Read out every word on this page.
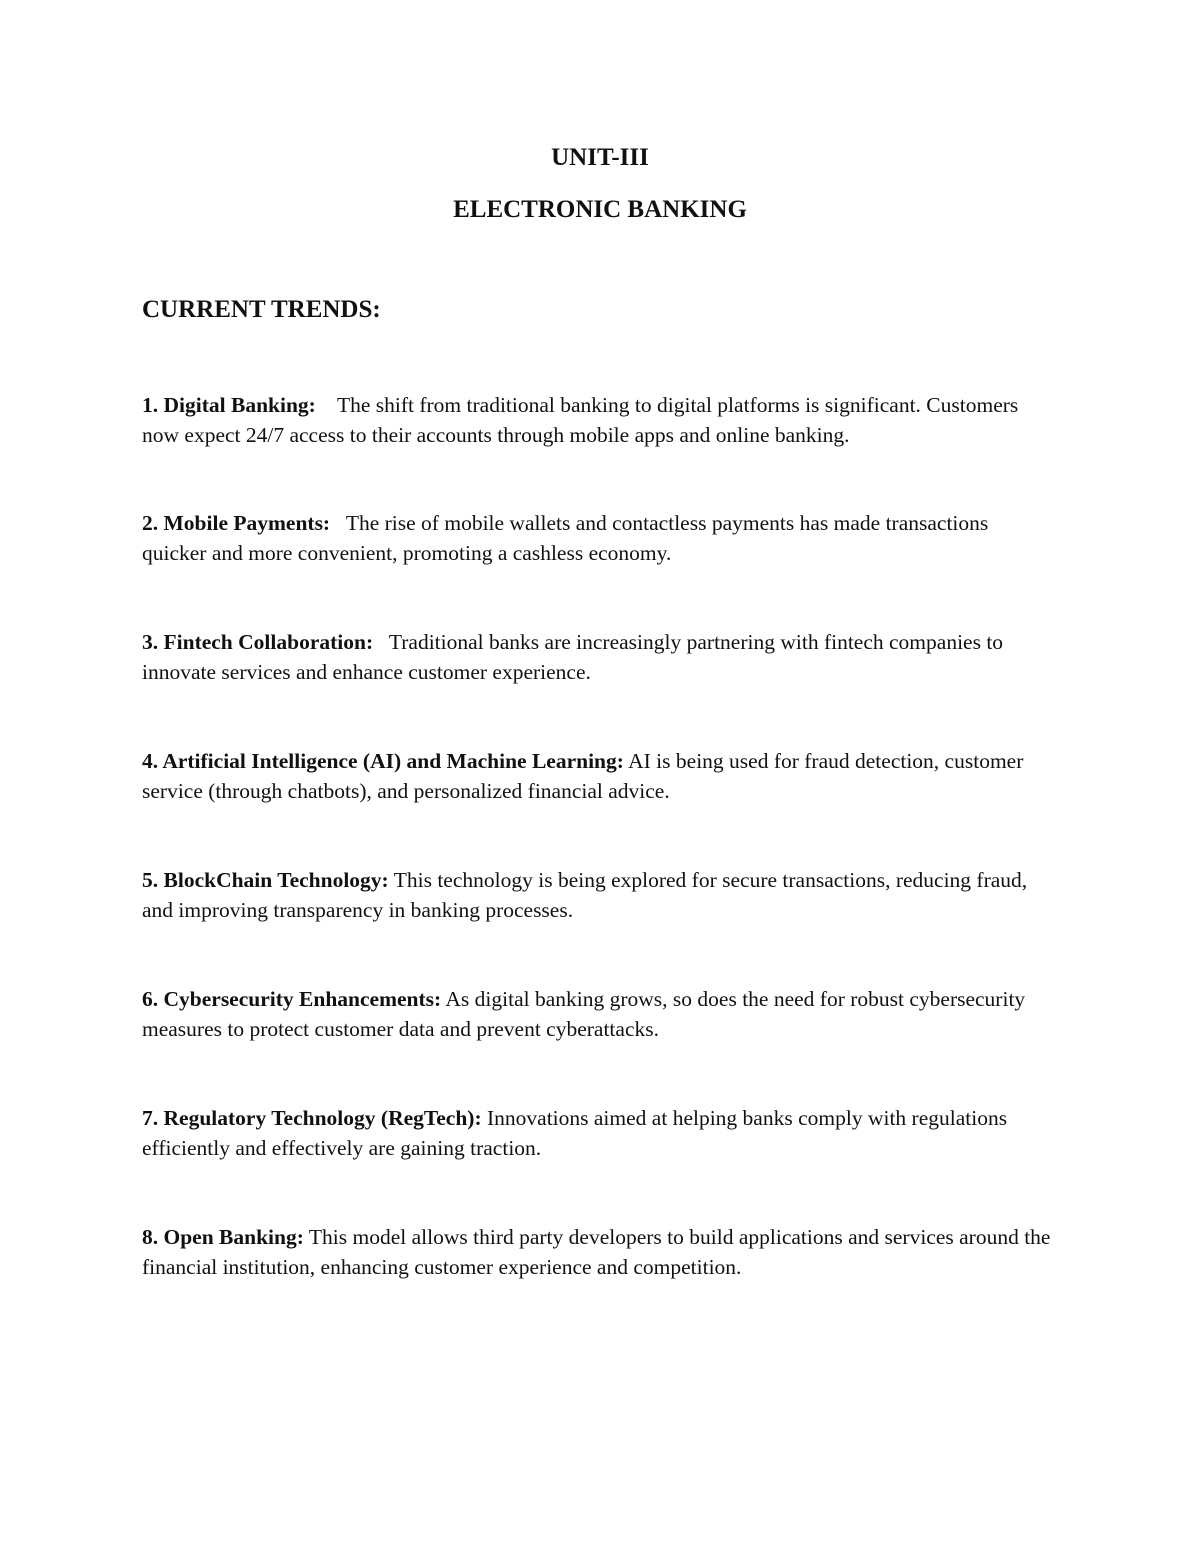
UNIT-III
ELECTRONIC BANKING
CURRENT TRENDS:

1. Digital Banking: The shift from traditional banking to digital platforms is significant. Customers now expect 24/7 access to their accounts through mobile apps and online banking.

2. Mobile Payments: The rise of mobile wallets and contactless payments has made transactions quicker and more convenient, promoting a cashless economy.

3. Fintech Collaboration: Traditional banks are increasingly partnering with fintech companies to innovate services and enhance customer experience.

4. Artificial Intelligence (AI) and Machine Learning: AI is being used for fraud detection, customer service (through chatbots), and personalized financial advice.

5. BlockChain Technology: This technology is being explored for secure transactions, reducing fraud, and improving transparency in banking processes.

6. Cybersecurity Enhancements: As digital banking grows, so does the need for robust cybersecurity measures to protect customer data and prevent cyberattacks.

7. Regulatory Technology (RegTech): Innovations aimed at helping banks comply with regulations efficiently and effectively are gaining traction.

8. Open Banking: This model allows third party developers to build applications and services around the financial institution, enhancing customer experience and competition.
